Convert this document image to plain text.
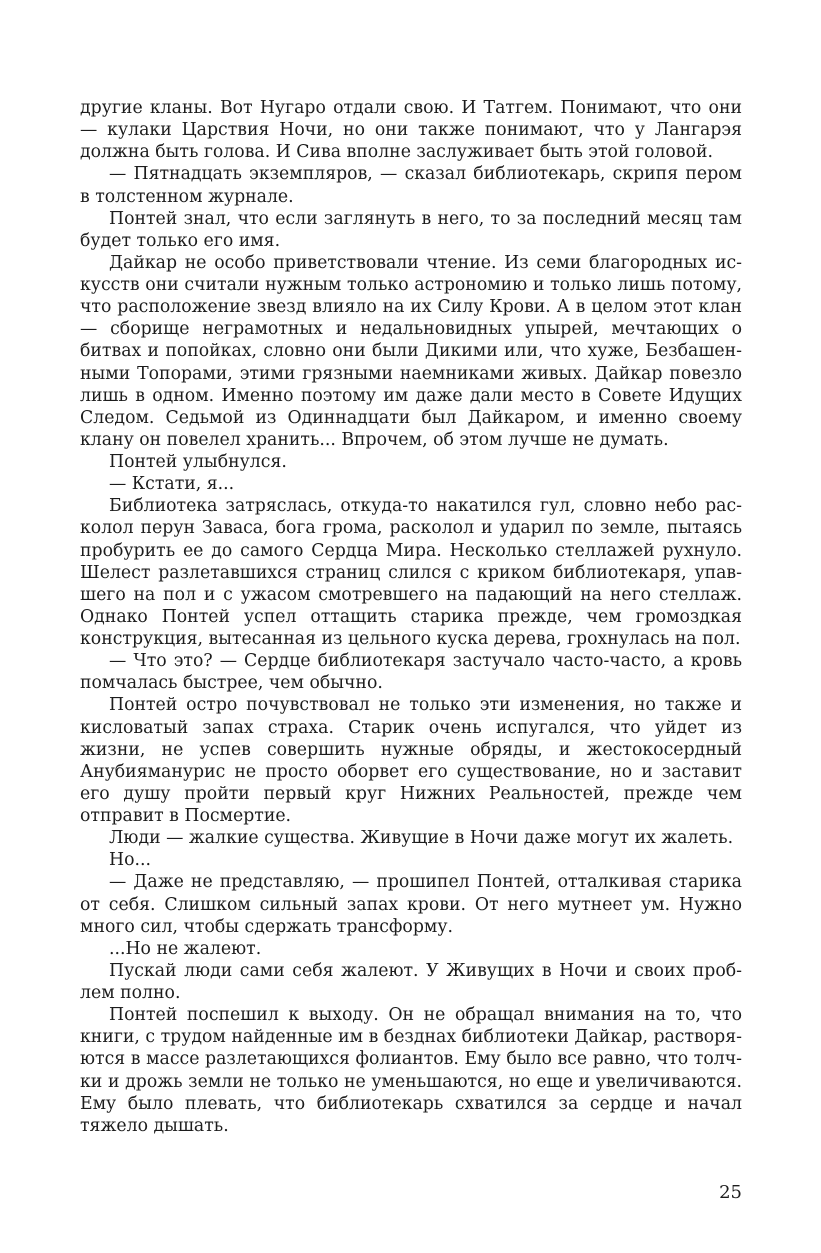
другие кланы. Вот Нугаро отдали свою. И Татгем. Понимают, что они — кулаки Царствия Ночи, но они также понимают, что у Лангарэя должна быть голова. И Сива вполне заслуживает быть этой головой.

— Пятнадцать экземпляров, — сказал библиотекарь, скрипя пером в толстенном журнале.

Понтей знал, что если заглянуть в него, то за последний месяц там будет только его имя.

Дайкар не особо приветствовали чтение. Из семи благородных искусств они считали нужным только астрономию и только лишь потому, что расположение звезд влияло на их Силу Крови. А в целом этот клан — сборище неграмотных и недальновидных упырей, мечтающих о битвах и попойках, словно они были Дикими или, что хуже, Безбашенными Топорами, этими грязными наемниками живых. Дайкар повезло лишь в одном. Именно поэтому им даже дали место в Совете Идущих Следом. Седьмой из Одиннадцати был Дайкаром, и именно своему клану он повелел хранить... Впрочем, об этом лучше не думать.

Понтей улыбнулся.

— Кстати, я...

Библиотека затряслась, откуда-то накатился гул, словно небо расколол перун Заваса, бога грома, расколол и ударил по земле, пытаясь пробурить ее до самого Сердца Мира. Несколько стеллажей рухнуло. Шелест разлетавшихся страниц слился с криком библиотекаря, упавшего на пол и с ужасом смотревшего на падающий на него стеллаж. Однако Понтей успел оттащить старика прежде, чем громоздкая конструкция, вытесанная из цельного куска дерева, грохнулась на пол.

— Что это? — Сердце библиотекаря застучало часто-часто, а кровь помчалась быстрее, чем обычно.

Понтей остро почувствовал не только эти изменения, но также и кисловатый запах страха. Старик очень испугался, что уйдет из жизни, не успев совершить нужные обряды, и жестокосердный Анубиямануpис не просто оборвет его существование, но и заставит его душу пройти первый круг Нижних Реальностей, прежде чем отправит в Посмертие.

Люди — жалкие существа. Живущие в Ночи даже могут их жалеть.

Но...

— Даже не представляю, — прошипел Понтей, отталкивая старика от себя. Слишком сильный запах крови. От него мутнеет ум. Нужно много сил, чтобы сдержать трансформу.

...Но не жалеют.

Пускай люди сами себя жалеют. У Живущих в Ночи и своих проблем полно.

Понтей поспешил к выходу. Он не обращал внимания на то, что книги, с трудом найденные им в безднах библиотеки Дайкар, растворяются в массе разлетающихся фолиантов. Ему было все равно, что толчки и дрожь земли не только не уменьшаются, но еще и увеличиваются. Ему было плевать, что библиотекарь схватился за сердце и начал тяжело дышать.

25
